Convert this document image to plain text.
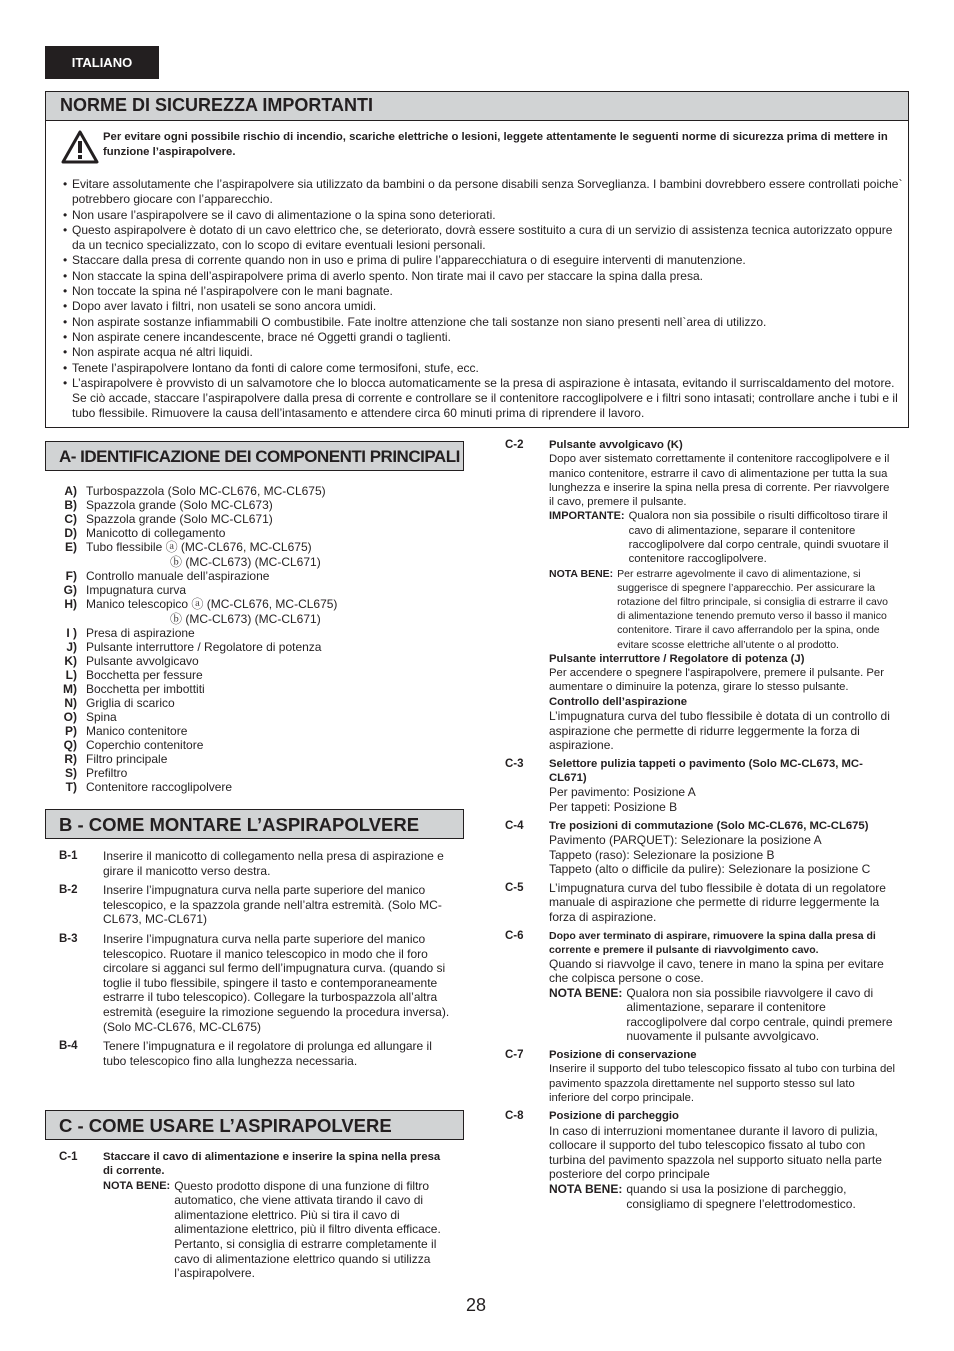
ITALIANO
NORME DI SICUREZZA IMPORTANTI
Per evitare ogni possibile rischio di incendio, scariche elettriche o lesioni, leggete attentamente le seguenti norme di sicurezza prima di mettere in funzione l’aspirapolvere.
• Evitare assolutamente che l’aspirapolvere sia utilizzato da bambini o da persone disabili senza Sorveglianza. I bambini dovrebbero essere controllati poiche` potrebbero giocare con l’apparecchio.
• Non usare l’aspirapolvere se il cavo di alimentazione o la spina sono deteriorati.
• Questo aspirapolvere è dotato di un cavo elettrico che, se deteriorato, dovrà essere sostituito a cura di un servizio di assistenza tecnica autorizzato oppure da un tecnico specializzato, con lo scopo di evitare eventuali lesioni personali.
• Staccare dalla presa di corrente quando non in uso e prima di pulire l’apparecchiatura o di eseguire interventi di manutenzione.
• Non staccate la spina dell’aspirapolvere prima di averlo spento. Non tirate mai il cavo per staccare la spina dalla presa.
• Non toccate la spina né l’aspirapolvere con le mani bagnate.
• Dopo aver lavato i filtri, non usateli se sono ancora umidi.
• Non aspirate sostanze infiammabili O combustibile. Fate inoltre attenzione che tali sostanze non siano presenti nell`area di utilizzo.
• Non aspirate cenere incandescente, brace né Oggetti grandi o taglienti.
• Non aspirate acqua né altri liquidi.
• Tenete l’aspirapolvere lontano da fonti di calore come termosifoni, stufe, ecc.
• L’aspirapolvere è provvisto di un salvamotore che lo blocca automaticamente se la presa di aspirazione è intasata, evitando il surriscaldamento del motore. Se ciò accade, staccare l’aspirapolvere dalla presa di corrente e controllare se il contenitore raccoglipolvere e i filtri sono intasati; controllare anche i tubi e il tubo flessibile. Rimuovere la causa dell’intasamento e attendere circa 60 minuti prima di riprendere il lavoro.
A- IDENTIFICAZIONE DEI COMPONENTI PRINCIPALI
A) Turbospazzola (Solo MC-CL676, MC-CL675)
B) Spazzola grande (Solo MC-CL673)
C) Spazzola grande (Solo MC-CL671)
D) Manicotto di collegamento
E) Tubo flessibile ⓐ (MC-CL676, MC-CL675)
ⓑ (MC-CL673) (MC-CL671)
F) Controllo manuale dell’aspirazione
G) Impugnatura curva
H) Manico telescopico ⓐ (MC-CL676, MC-CL675)
ⓑ (MC-CL673) (MC-CL671)
I ) Presa di aspirazione
J) Pulsante interruttore / Regolatore di potenza
K) Pulsante avvolgicavo
L) Bocchetta per fessure
M) Bocchetta per imbottiti
N) Griglia di scarico
O) Spina
P) Manico contenitore
Q) Coperchio contenitore
R) Filtro principale
S) Prefiltro
T) Contenitore raccoglipolvere
B - COME MONTARE L’ASPIRAPOLVERE
B-1	Inserire il manicotto di collegamento nella presa di aspirazione e girare il manicotto verso destra.
B-2	Inserire l’impugnatura curva nella parte superiore del manico telescopico, e la spazzola grande nell’altra estremità. (Solo MC-CL673, MC-CL671)
B-3	Inserire l’impugnatura curva nella parte superiore del manico telescopico. Ruotare il manico telescopico in modo che il foro circolare si agganci sul fermo dell’impugnatura curva. (quando si toglie il tubo flessibile, spingere il tasto e contemporaneamente estrarre il tubo telescopico). Collegare la turbospazzola all’altra estremità (eseguire la rimozione seguendo la procedura inversa). (Solo MC-CL676, MC-CL675)
B-4	Tenere l’impugnatura e il regolatore di prolunga ed allungare il tubo telescopico fino alla lunghezza necessaria.
C - COME USARE L’ASPIRAPOLVERE
C-1	Staccare il cavo di alimentazione e inserire la spina nella presa di corrente.
NOTA BENE: Questo prodotto dispone di una funzione di filtro automatico, che viene attivata tirando il cavo di alimentazione elettrico. Più si tira il cavo di alimentazione elettrico, più il filtro diventa efficace. Pertanto, si consiglia di estrarre completamente il cavo di alimentazione elettrico quando si utilizza l’aspirapolvere.
C-2	Pulsante avvolgicavo (K)
Dopo aver sistemato correttamente il contenitore raccoglipolvere e il manico contenitore, estrarre il cavo di alimentazione per tutta la sua lunghezza e inserire la spina nella presa di corrente. Per riavvolgere il cavo, premere il pulsante.
IMPORTANTE: Qualora non sia possibile o risulti difficoltoso tirare il cavo di alimentazione, separare il contenitore raccoglipolvere dal corpo centrale, quindi svuotare il contenitore raccoglipolvere.
NOTA BENE: Per estrarre agevolmente il cavo di alimentazione, si suggerisce di spegnere l’apparecchio. Per assicurare la rotazione del filtro principale, si consiglia di estrarre il cavo di alimentazione tenendo premuto verso il basso il manico contenitore. Tirare il cavo afferrandolo per la spina, onde evitare scosse elettriche all’utente o al prodotto.
Pulsante interruttore / Regolatore di potenza (J)
Per accendere o spegnere l'aspirapolvere, premere il pulsante. Per aumentare o diminuire la potenza, girare lo stesso pulsante.
Controllo dell’aspirazione
L’impugnatura curva del tubo flessibile è dotata di un controllo di aspirazione che permette di ridurre leggermente la forza di aspirazione.
C-3	Selettore pulizia tappeti o pavimento (Solo MC-CL673, MC-CL671)
Per pavimento: Posizione A
Per tappeti: Posizione B
C-4	Tre posizioni di commutazione (Solo MC-CL676, MC-CL675)
Pavimento (PARQUET): Selezionare la posizione A
Tappeto (raso): Selezionare la posizione B
Tappeto (alto o difficile da pulire): Selezionare la posizione C
C-5	L’impugnatura curva del tubo flessibile è dotata di un regolatore manuale di aspirazione che permette di ridurre leggermente la forza di aspirazione.
C-6	Dopo aver terminato di aspirare, rimuovere la spina dalla presa di corrente e premere il pulsante di riavvolgimento cavo.
Quando si riavvolge il cavo, tenere in mano la spina per evitare che colpisca persone o cose.
NOTA BENE: Qualora non sia possibile riavvolgere il cavo di alimentazione, separare il contenitore raccoglipolvere dal corpo centrale, quindi premere nuovamente il pulsante avvolgicavo.
C-7	Posizione di conservazione
Inserire il supporto del tubo telescopico fissato al tubo con turbina del pavimento spazzola direttamente nel supporto stesso sul lato inferiore del corpo principale.
C-8	Posizione di parcheggio
In caso di interruzioni momentanee durante il lavoro di pulizia, collocare il supporto del tubo telescopico fissato al tubo con turbina del pavimento spazzola nel supporto situato nella parte posteriore del corpo principale
NOTA BENE: quando si usa la posizione di parcheggio, consigliamo di spegnere l’elettrodomestico.
28
